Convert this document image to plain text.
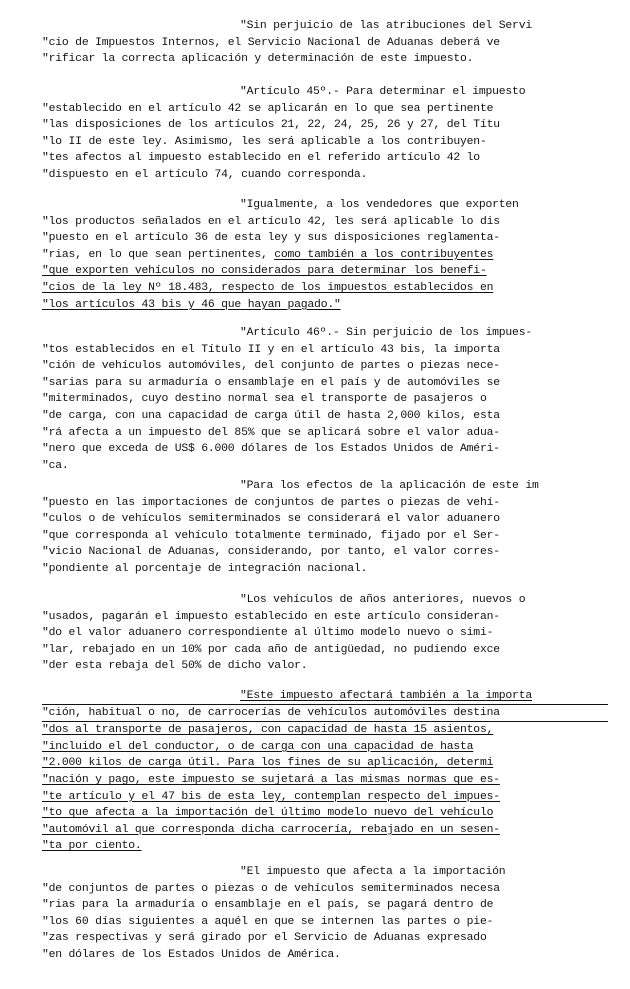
"Sin perjuicio de las atribuciones del Servi
"cio de Impuestos Internos, el Servicio Nacional de Aduanas deberá ve
"rificar la correcta aplicación y determinación de este impuesto.
"Artículo 45º.- Para determinar el impuesto
"establecido en el artículo 42 se aplicarán en lo que sea pertinente
"las disposiciones de los artículos 21, 22, 24, 25, 26 y 27, del Títu
"lo II de este ley. Asimismo, les será aplicable a los contribuyen-
"tes afectos al impuesto establecido en el referido artículo 42 lo
"dispuesto en el artículo 74, cuando corresponda.
"Igualmente, a los vendedores que exporten
"los productos señalados en el artículo 42, les será aplicable lo dis
"puesto en el artículo 36 de esta ley y sus disposiciones reglamenta-
"rias, en lo que sean pertinentes, como también a los contribuyentes
"que exporten vehículos no considerados para determinar los benefi-
"cios de la ley Nº 18.483, respecto de los impuestos establecidos en
"los artículos 43 bis y 46 que hayan pagado."
"Artículo 46º.- Sin perjuicio de los impues-
"tos establecidos en el Título II y en el artículo 43 bis, la importa
"ción de vehículos automóviles, del conjunto de partes o piezas nece-
"sarias para su armaduría o ensamblaje en el país y de automóviles se
"miterminados, cuyo destino normal sea el transporte de pasajeros o
"de carga, con una capacidad de carga útil de hasta 2,000 kilos, esta
"rá afecta a un impuesto del 85% que se aplicará sobre el valor adua-
"nero que exceda de US$ 6.000 dólares de los Estados Unidos de Améri-
"ca.
"Para los efectos de la aplicación de este im
"puesto en las importaciones de conjuntos de partes o piezas de vehí-
"culos o de vehículos semiterminados se considerará el valor aduanero
"que corresponda al vehículo totalmente terminado, fijado por el Ser-
"vicio Nacional de Aduanas, considerando, por tanto, el valor corres-
"pondiente al porcentaje de integración nacional.
"Los vehículos de años anteriores, nuevos o
"usados, pagarán el impuesto establecido en este artículo consideran-
"do el valor aduanero correspondiente al último modelo nuevo o simi-
"lar, rebajado en un 10% por cada año de antigüedad, no pudiendo exce
"der esta rebaja del 50% de dicho valor.
"Este impuesto afectará también a la importa
"ción, habitual o no, de carrocerías de vehículos automóviles destina
"dos al transporte de pasajeros, con capacidad de hasta 15 asientos,
"incluido el del conductor, o de carga con una capacidad de hasta
"2.000 kilos de carga útil. Para los fines de su aplicación, determi
"nación y pago, este impuesto se sujetará a las mismas normas que es-
"te artículo y el 47 bis de esta ley, contemplan respecto del impues-
"to que afecta a la importación del último modelo nuevo del vehículo
"automóvil al que corresponda dicha carrocería, rebajado en un sesen-
"ta por ciento.
"El impuesto que afecta a la importación
"de conjuntos de partes o piezas o de vehículos semiterminados necesa
"rias para la armaduría o ensamblaje en el país, se pagará dentro de
"los 60 días siguientes a aquél en que se internen las partes o pie-
"zas respectivas y será girado por el Servicio de Aduanas expresado
"en dólares de los Estados Unidos de América.
